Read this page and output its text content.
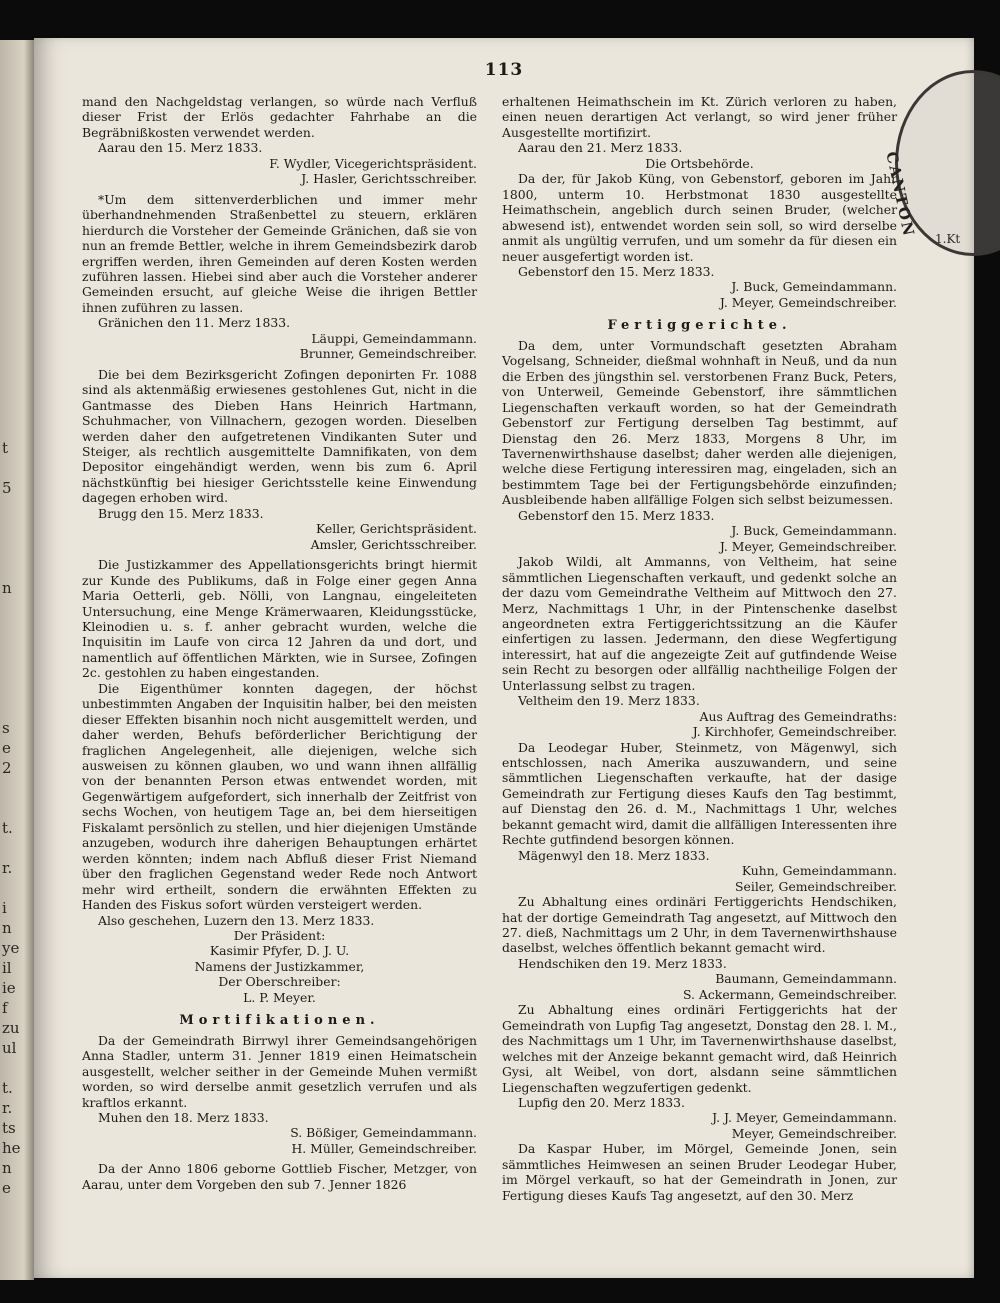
t
5
n
s
e
2
t.
r.
i
n
ye
il
ie
f
zu
ul
t.
r.
ts
he
n
e
113

mand den Nachgeldstag verlangen, so würde nach Verfluß dieser Frist der Erlös gedachter Fahrhabe an die Begräbnißkosten verwendet werden.

Aarau den 15. Merz 1833.

F. Wydler, Vicegerichtspräsident.

J. Hasler, Gerichtsschreiber.

*Um dem sittenverderblichen und immer mehr überhandnehmenden Straßenbettel zu steuern, erklären hierdurch die Vorsteher der Gemeinde Gränichen, daß sie von nun an fremde Bettler, welche in ihrem Gemeindsbezirk darob ergriffen werden, ihren Gemeinden auf deren Kosten werden zuführen lassen. Hiebei sind aber auch die Vorsteher anderer Gemeinden ersucht, auf gleiche Weise die ihrigen Bettler ihnen zuführen zu lassen.

Gränichen den 11. Merz 1833.

Läuppi, Gemeindammann.

Brunner, Gemeindschreiber.

Die bei dem Bezirksgericht Zofingen deponirten Fr. 1088 sind als aktenmäßig erwiesenes gestohlenes Gut, nicht in die Gantmasse des Dieben Hans Heinrich Hartmann, Schuhmacher, von Villnachern, gezogen worden. Dieselben werden daher den aufgetretenen Vindikanten Suter und Steiger, als rechtlich ausgemittelte Damnifikaten, von dem Depositor eingehändigt werden, wenn bis zum 6. April nächstkünftig bei hiesiger Gerichtsstelle keine Einwendung dagegen erhoben wird.

Brugg den 15. Merz 1833.

Keller, Gerichtspräsident.

Amsler, Gerichtsschreiber.

Die Justizkammer des Appellationsgerichts bringt hiermit zur Kunde des Publikums, daß in Folge einer gegen Anna Maria Oetterli, geb. Nölli, von Langnau, eingeleiteten Untersuchung, eine Menge Krämerwaaren, Kleidungsstücke, Kleinodien u. s. f. anher gebracht wurden, welche die Inquisitin im Laufe von circa 12 Jahren da und dort, und namentlich auf öffentlichen Märkten, wie in Sursee, Zofingen 2c. gestohlen zu haben eingestanden.

Die Eigenthümer konnten dagegen, der höchst unbestimmten Angaben der Inquisitin halber, bei den meisten dieser Effekten bisanhin noch nicht ausgemittelt werden, und daher werden, Behufs beförderlicher Berichtigung der fraglichen Angelegenheit, alle diejenigen, welche sich ausweisen zu können glauben, wo und wann ihnen allfällig von der benannten Person etwas entwendet worden, mit Gegenwärtigem aufgefordert, sich innerhalb der Zeitfrist von sechs Wochen, von heutigem Tage an, bei dem hierseitigen Fiskalamt persönlich zu stellen, und hier diejenigen Umstände anzugeben, wodurch ihre daherigen Behauptungen erhärtet werden könnten; indem nach Abfluß dieser Frist Niemand über den fraglichen Gegenstand weder Rede noch Antwort mehr wird ertheilt, sondern die erwähnten Effekten zu Handen des Fiskus sofort würden versteigert werden.

Also geschehen, Luzern den 13. Merz 1833.

Der Präsident:

Kasimir Pfyfer, D. J. U.

Namens der Justizkammer,

Der Oberschreiber:

L. P. Meyer.

Mortifikationen.

Da der Gemeindrath Birrwyl ihrer Gemeindsangehörigen Anna Stadler, unterm 31. Jenner 1819 einen Heimatschein ausgestellt, welcher seither in der Gemeinde Muhen vermißt worden, so wird derselbe anmit gesetzlich verrufen und als kraftlos erkannt.

Muhen den 18. Merz 1833.

S. Bößiger, Gemeindammann.

H. Müller, Gemeindschreiber.

Da der Anno 1806 geborne Gottlieb Fischer, Metzger, von Aarau, unter dem Vorgeben den sub 7. Jenner 1826

erhaltenen Heimathschein im Kt. Zürich verloren zu haben, einen neuen derartigen Act verlangt, so wird jener früher Ausgestellte mortifizirt.

Aarau den 21. Merz 1833.

Die Ortsbehörde.

Da der, für Jakob Küng, von Gebenstorf, geboren im Jahr 1800, unterm 10. Herbstmonat 1830 ausgestellte Heimathschein, angeblich durch seinen Bruder, (welcher abwesend ist), entwendet worden sein soll, so wird derselbe anmit als ungültig verrufen, und um somehr da für diesen ein neuer ausgefertigt worden ist.

Gebenstorf den 15. Merz 1833.

J. Buck, Gemeindammann.

J. Meyer, Gemeindschreiber.

Fertiggerichte.

Da dem, unter Vormundschaft gesetzten Abraham Vogelsang, Schneider, dießmal wohnhaft in Neuß, und da nun die Erben des jüngsthin sel. verstorbenen Franz Buck, Peters, von Unterweil, Gemeinde Gebenstorf, ihre sämmtlichen Liegenschaften verkauft worden, so hat der Gemeindrath Gebenstorf zur Fertigung derselben Tag bestimmt, auf Dienstag den 26. Merz 1833, Morgens 8 Uhr, im Tavernenwirthshause daselbst; daher werden alle diejenigen, welche diese Fertigung interessiren mag, eingeladen, sich an bestimmtem Tage bei der Fertigungsbehörde einzufinden; Ausbleibende haben allfällige Folgen sich selbst beizumessen.

Gebenstorf den 15. Merz 1833.

J. Buck, Gemeindammann.

J. Meyer, Gemeindschreiber.

Jakob Wildi, alt Ammanns, von Veltheim, hat seine sämmtlichen Liegenschaften verkauft, und gedenkt solche an der dazu vom Gemeindrathe Veltheim auf Mittwoch den 27. Merz, Nachmittags 1 Uhr, in der Pintenschenke daselbst angeordneten extra Fertiggerichtssitzung an die Käufer einfertigen zu lassen. Jedermann, den diese Wegfertigung interessirt, hat auf die angezeigte Zeit auf gutfindende Weise sein Recht zu besorgen oder allfällig nachtheilige Folgen der Unterlassung selbst zu tragen.

Veltheim den 19. Merz 1833.

Aus Auftrag des Gemeindraths:

J. Kirchhofer, Gemeindschreiber.

Da Leodegar Huber, Steinmetz, von Mägenwyl, sich entschlossen, nach Amerika auszuwandern, und seine sämmtlichen Liegenschaften verkaufte, hat der dasige Gemeindrath zur Fertigung dieses Kaufs den Tag bestimmt, auf Dienstag den 26. d. M., Nachmittags 1 Uhr, welches bekannt gemacht wird, damit die allfälligen Interessenten ihre Rechte gutfindend besorgen können.

Mägenwyl den 18. Merz 1833.

Kuhn, Gemeindammann.

Seiler, Gemeindschreiber.

Zu Abhaltung eines ordinäri Fertiggerichts Hendschiken, hat der dortige Gemeindrath Tag angesetzt, auf Mittwoch den 27. dieß, Nachmittags um 2 Uhr, in dem Tavernenwirthshause daselbst, welches öffentlich bekannt gemacht wird.

Hendschiken den 19. Merz 1833.

Baumann, Gemeindammann.

S. Ackermann, Gemeindschreiber.

Zu Abhaltung eines ordinäri Fertiggerichts hat der Gemeindrath von Lupfig Tag angesetzt, Donstag den 28. l. M., des Nachmittags um 1 Uhr, im Tavernenwirthshause daselbst, welches mit der Anzeige bekannt gemacht wird, daß Heinrich Gysi, alt Weibel, von dort, alsdann seine sämmtlichen Liegenschaften wegzufertigen gedenkt.

Lupfig den 20. Merz 1833.

J. J. Meyer, Gemeindammann.

Meyer, Gemeindschreiber.

Da Kaspar Huber, im Mörgel, Gemeinde Jonen, sein sämmtliches Heimwesen an seinen Bruder Leodegar Huber, im Mörgel verkauft, so hat der Gemeindrath in Jonen, zur Fertigung dieses Kaufs Tag angesetzt, auf den 30. Merz

CANTON 1.Kt
